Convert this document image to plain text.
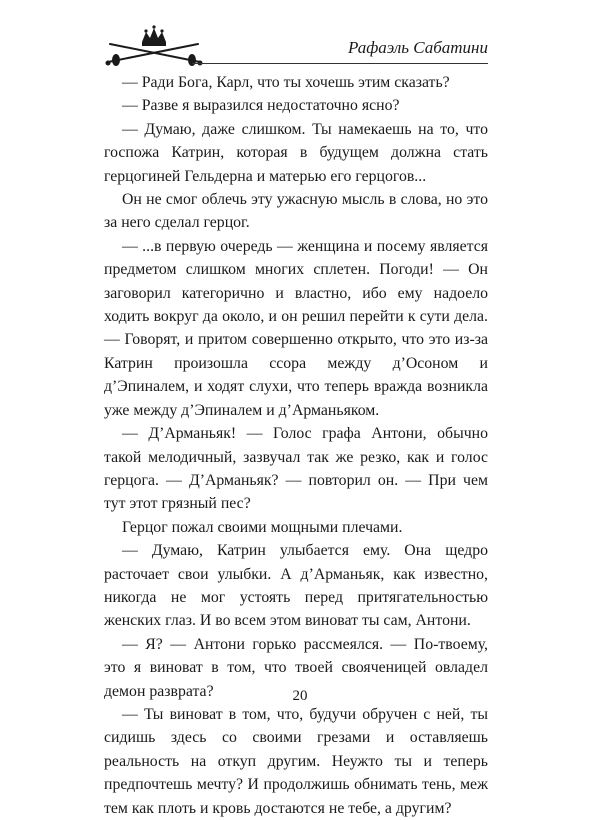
Рафаэль Сабатини

— Ради Бога, Карл, что ты хочешь этим сказать?

— Разве я выразился недостаточно ясно?

— Думаю, даже слишком. Ты намекаешь на то, что госпожа Катрин, которая в будущем должна стать герцогиней Гельдерна и матерью его герцогов...

Он не смог облечь эту ужасную мысль в слова, но это за него сделал герцог.

— ...в первую очередь — женщина и посему является предметом слишком многих сплетен. Погоди! — Он заговорил категорично и властно, ибо ему надоело ходить вокруг да около, и он решил перейти к сути дела. — Говорят, и притом совершенно открыто, что это из-за Катрин произошла ссора между д’Осоном и д’Эпиналем, и ходят слухи, что теперь вражда возникла уже между д’Эпиналем и д’Арманьяком.

— Д’Арманьяк! — Голос графа Антони, обычно такой мелодичный, зазвучал так же резко, как и голос герцога. — Д’Арманьяк? — повторил он. — При чем тут этот грязный пес?

Герцог пожал своими мощными плечами.

— Думаю, Катрин улыбается ему. Она щедро расточает свои улыбки. А д’Арманьяк, как известно, никогда не мог устоять перед притягательностью женских глаз. И во всем этом виноват ты сам, Антони.

— Я? — Антони горько рассмеялся. — По-твоему, это я виноват в том, что твоей свояченицей овладел демон разврата?

— Ты виноват в том, что, будучи обручен с ней, ты сидишь здесь со своими грезами и оставляешь реальность на откуп другим. Неужто ты и теперь предпочтешь мечту? И продолжишь обнимать тень, меж тем как плоть и кровь достаются не тебе, а другим?

20
